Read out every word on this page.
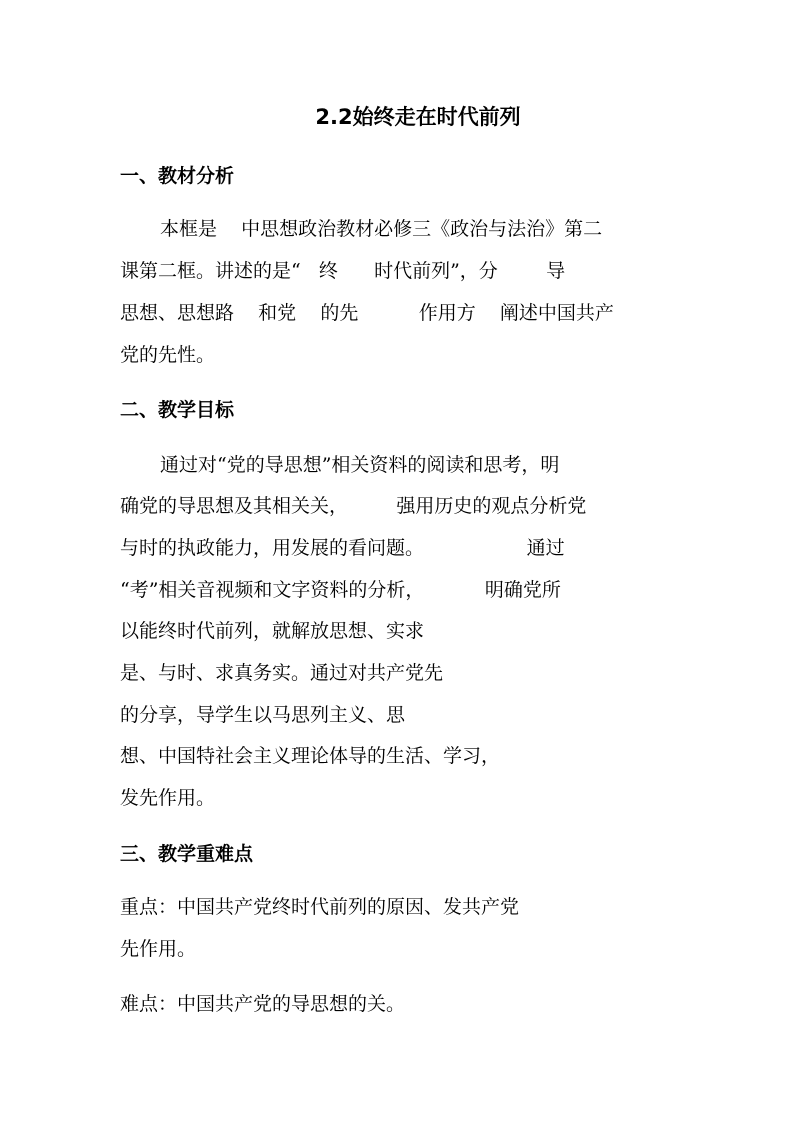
2.2始终走在时代前列
一、教材分析
本框是    中思想政治教材必修三《政治与法治》第二
课第二框。讲述的是“   终      时代前列”，分        导
思想、思想路    和党    的先          作用方    阐述中国共产
党的先性。
二、教学目标
通过对“党的导思想”相关资料的阅读和思考，明
确党的导思想及其相关关，        强用历史的观点分析党
与时的执政能力，用发展的看问题。                 通过
“考”相关音视频和文字资料的分析，          明确党所
以能终时代前列，就解放思想、实求
是、与时、求真务实。通过对共产党先
的分享，导学生以马思列主义、思
想、中国特社会主义理论体导的生活、学习，
发先作用。
三、教学重难点
重点：中国共产党终时代前列的原因、发共产党
先作用。
难点：中国共产党的导思想的关。
